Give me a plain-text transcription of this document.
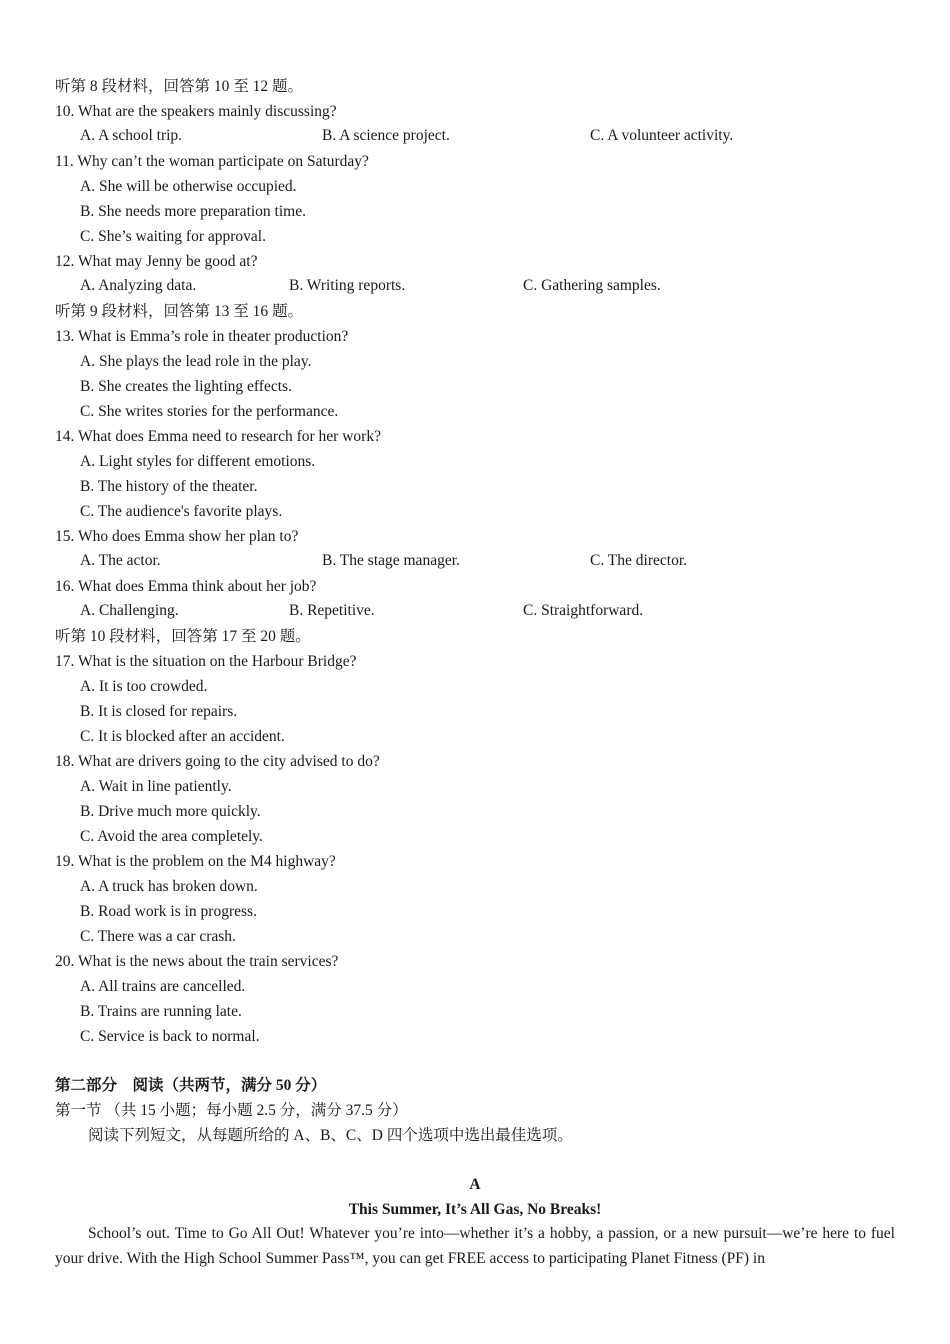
听第 8 段材料，回答第 10 至 12 题。
10. What are the speakers mainly discussing?
A. A school trip.	B. A science project.	C. A volunteer activity.
11. Why can’t the woman participate on Saturday?
A. She will be otherwise occupied.
B. She needs more preparation time.
C. She’s waiting for approval.
12. What may Jenny be good at?
A. Analyzing data.	B. Writing reports.	C. Gathering samples.
听第 9 段材料，回答第 13 至 16 题。
13. What is Emma’s role in theater production?
A. She plays the lead role in the play.
B. She creates the lighting effects.
C. She writes stories for the performance.
14. What does Emma need to research for her work?
A. Light styles for different emotions.
B. The history of the theater.
C. The audience's favorite plays.
15. Who does Emma show her plan to?
A. The actor.	B. The stage manager.	C. The director.
16. What does Emma think about her job?
A. Challenging.	B. Repetitive.	C. Straightforward.
听第 10 段材料，回答第 17 至 20 题。
17. What is the situation on the Harbour Bridge?
A. It is too crowded.
B. It is closed for repairs.
C. It is blocked after an accident.
18. What are drivers going to the city advised to do?
A. Wait in line patiently.
B. Drive much more quickly.
C. Avoid the area completely.
19. What is the problem on the M4 highway?
A. A truck has broken down.
B. Road work is in progress.
C. There was a car crash.
20. What is the news about the train services?
A. All trains are cancelled.
B. Trains are running late.
C. Service is back to normal.
第二部分　阅读（共两节，满分 50 分）
第一节 （共 15 小题；每小题 2.5 分，满分 37.5 分）
阅读下列短文，从每题所给的 A、B、C、D 四个选项中选出最佳选项。
A
This Summer, It’s All Gas, No Breaks!
School’s out. Time to Go All Out! Whatever you’re into—whether it’s a hobby, a passion, or a new pursuit—we’re here to fuel your drive. With the High School Summer Pass™, you can get FREE access to participating Planet Fitness (PF) in
